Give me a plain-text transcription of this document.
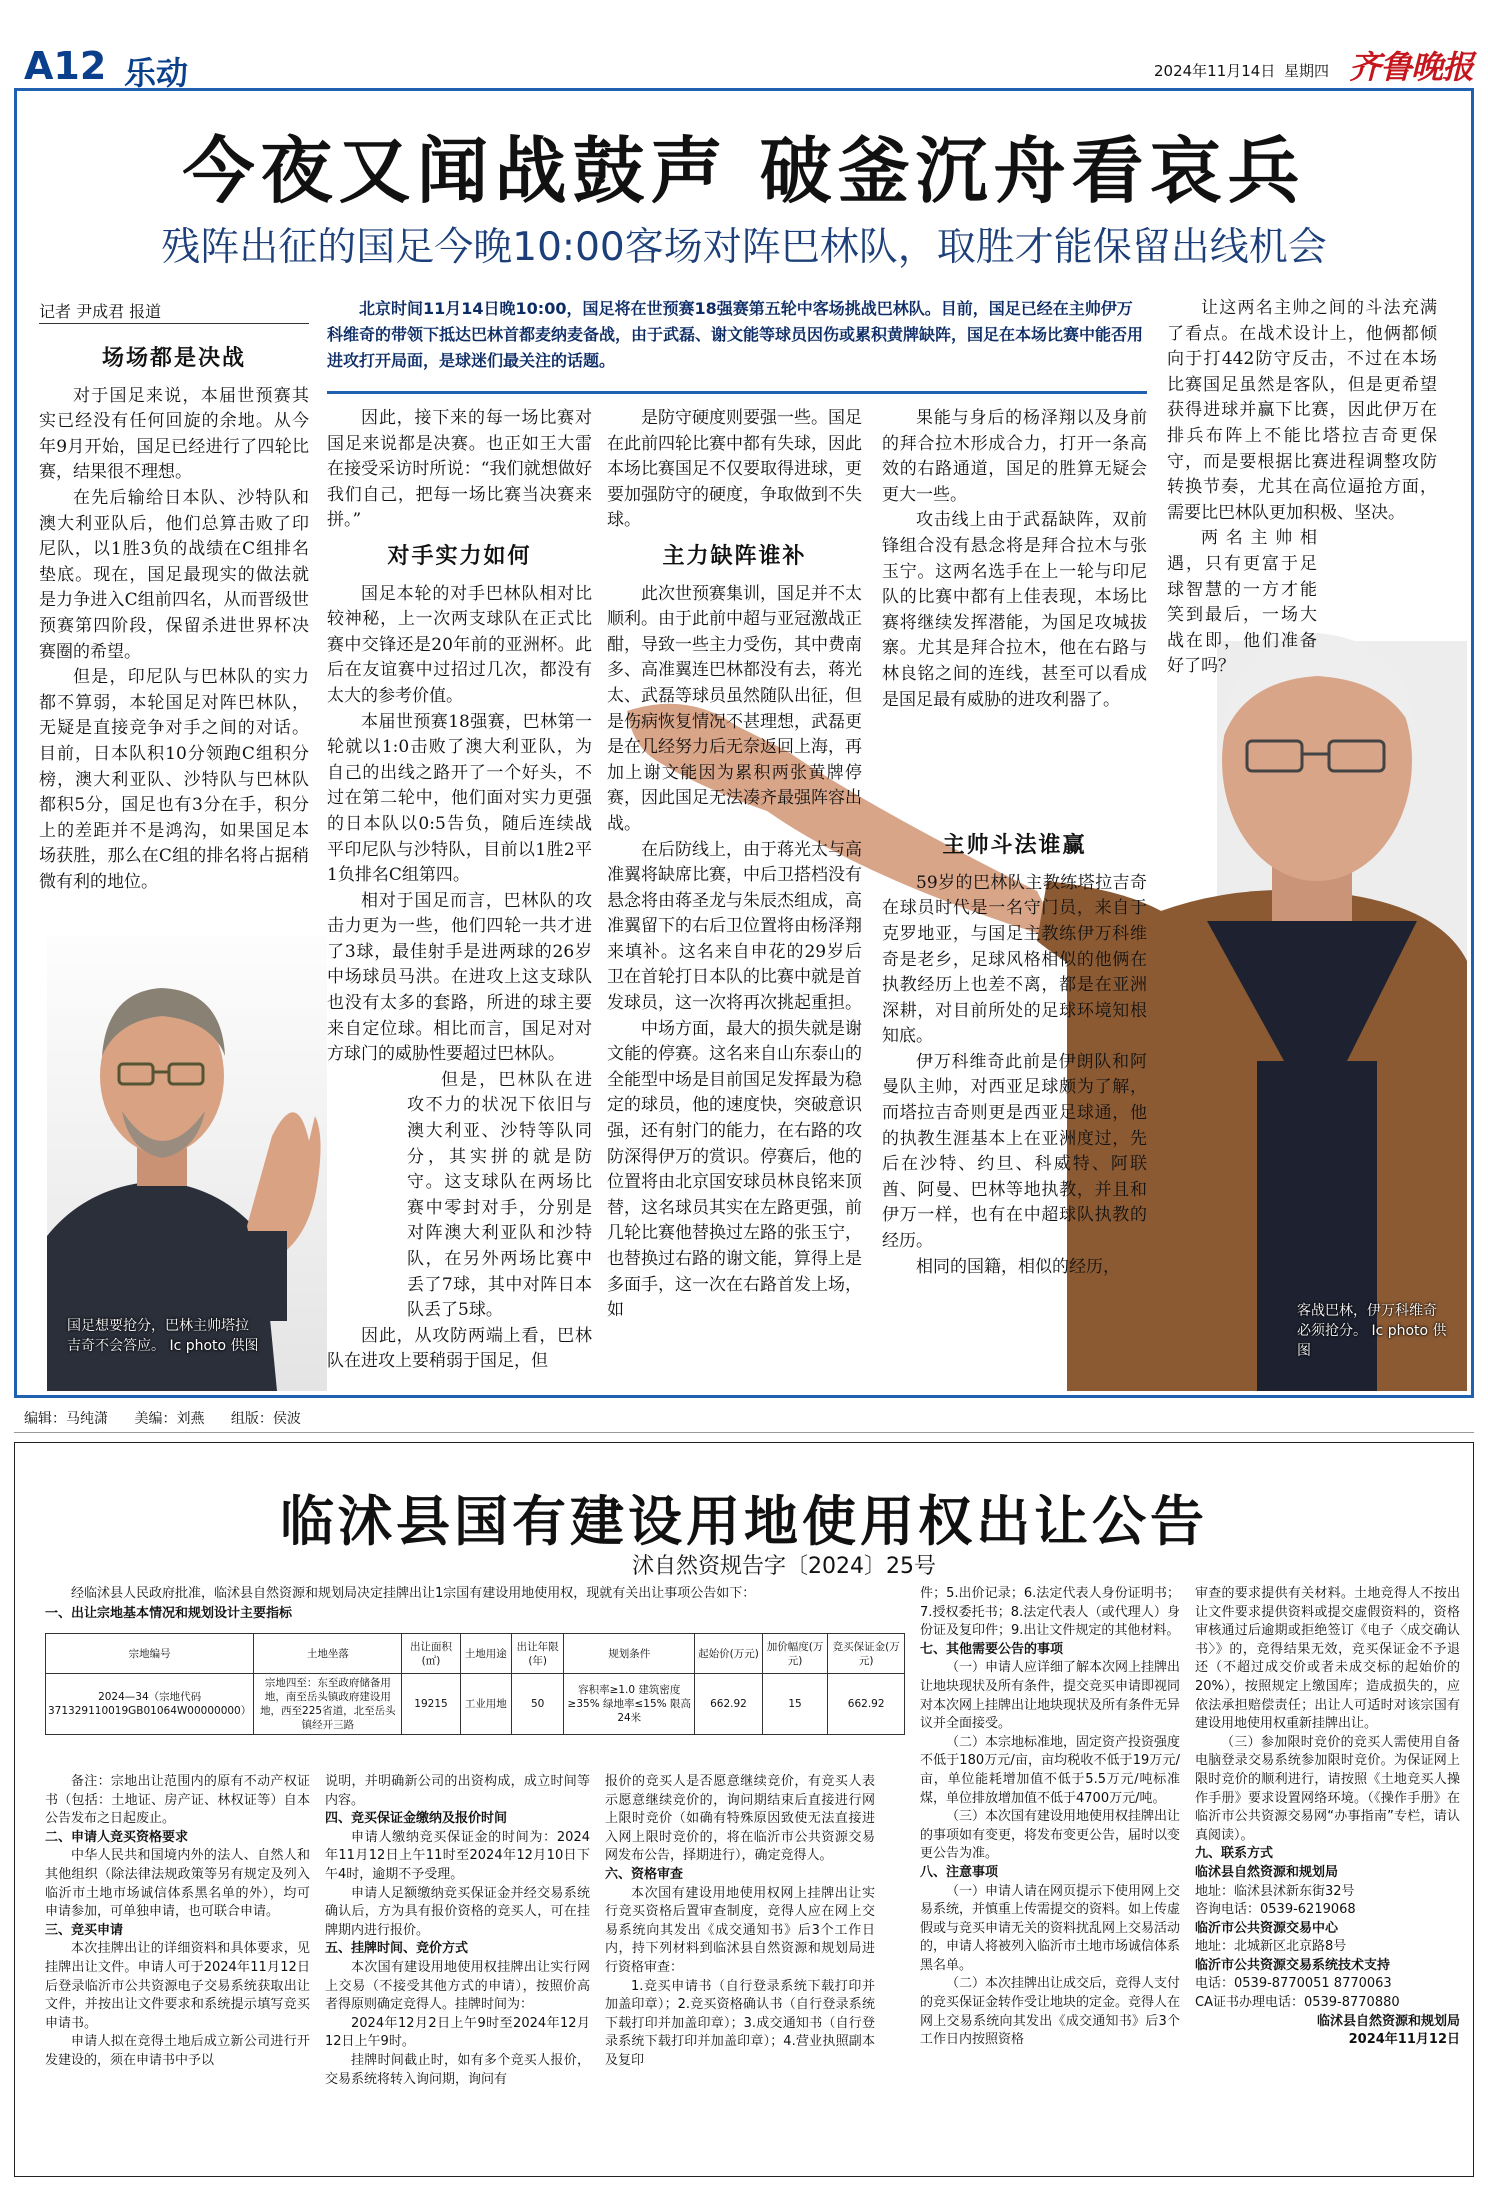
A12 乐动	2024年11月14日 星期四 齐鲁晚报
今夜又闻战鼓声 破釜沉舟看哀兵
残阵出征的国足今晚10:00客场对阵巴林队，取胜才能保留出线机会
记者 尹成君 报道	北京时间11月14日晚10:00，国足将在世预赛18强赛第五轮中客场挑战巴林队。目前，国足已经在主帅伊万科维奇的带领下抵达巴林首都麦纳麦备战，由于武磊、谢文能等球员因伤或累积黄牌缺阵，国足在本场比赛中能否用进攻打开局面，是球迷们最关注的话题。
国足想要抢分，巴林主帅塔拉吉奇不会答应。 Ic photo 供图
客战巴林，伊万科维奇必须抢分。 Ic photo 供图
场场都是决战

对于国足来说，本届世预赛其实已经没有任何回旋的余地。从今年9月开始，国足已经进行了四轮比赛，结果很不理想。

在先后输给日本队、沙特队和澳大利亚队后，他们总算击败了印尼队，以1胜3负的战绩在C组排名垫底。现在，国足最现实的做法就是力争进入C组前四名，从而晋级世预赛第四阶段，保留杀进世界杯决赛圈的希望。

但是，印尼队与巴林队的实力都不算弱，本轮国足对阵巴林队，无疑是直接竞争对手之间的对话。目前，日本队积10分领跑C组积分榜，澳大利亚队、沙特队与巴林队都积5分，国足也有3分在手，积分上的差距并不是鸿沟，如果国足本场获胜，那么在C组的排名将占据稍微有利的地位。

因此，接下来的每一场比赛对国足来说都是决赛。也正如王大雷在接受采访时所说：“我们就想做好我们自己，把每一场比赛当决赛来拼。”

对手实力如何

国足本轮的对手巴林队相对比较神秘，上一次两支球队在正式比赛中交锋还是20年前的亚洲杯。此后在友谊赛中过招过几次，都没有太大的参考价值。

本届世预赛18强赛，巴林第一轮就以1:0击败了澳大利亚队，为自己的出线之路开了一个好头，不过在第二轮中，他们面对实力更强的日本队以0:5告负，随后连续战平印尼队与沙特队，目前以1胜2平1负排名C组第四。

相对于国足而言，巴林队的攻击力更为一些，他们四轮一共才进了3球，最佳射手是进两球的26岁中场球员马洪。在进攻上这支球队也没有太多的套路，所进的球主要来自定位球。相比而言，国足对对方球门的威胁性要超过巴林队。

但是，巴林队在进攻不力的状况下依旧与澳大利亚、沙特等队同分，其实拼的就是防守。这支球队在两场比赛中零封对手，分别是对阵澳大利亚队和沙特队，在另外两场比赛中丢了7球，其中对阵日本队丢了5球。

因此，从攻防两端上看，巴林队在进攻上要稍弱于国足，但

是防守硬度则要强一些。国足在此前四轮比赛中都有失球，因此本场比赛国足不仅要取得进球，更要加强防守的硬度，争取做到不失球。

主力缺阵谁补

此次世预赛集训，国足并不太顺利。由于此前中超与亚冠激战正酣，导致一些主力受伤，其中费南多、高准翼连巴林都没有去，蒋光太、武磊等球员虽然随队出征，但是伤病恢复情况不甚理想，武磊更是在几经努力后无奈返回上海，再加上谢文能因为累积两张黄牌停赛，因此国足无法凑齐最强阵容出战。

在后防线上，由于蒋光太与高准翼将缺席比赛，中后卫搭档没有悬念将由蒋圣龙与朱辰杰组成，高准翼留下的右后卫位置将由杨泽翔来填补。这名来自申花的29岁后卫在首轮打日本队的比赛中就是首发球员，这一次将再次挑起重担。

中场方面，最大的损失就是谢文能的停赛。这名来自山东泰山的全能型中场是目前国足发挥最为稳定的球员，他的速度快，突破意识强，还有射门的能力，在右路的攻防深得伊万的赏识。停赛后，他的位置将由北京国安球员林良铭来顶替，这名球员其实在左路更强，前几轮比赛他替换过左路的张玉宁，也替换过右路的谢文能，算得上是多面手，这一次在右路首发上场，如

果能与身后的杨泽翔以及身前的拜合拉木形成合力，打开一条高效的右路通道，国足的胜算无疑会更大一些。

攻击线上由于武磊缺阵，双前锋组合没有悬念将是拜合拉木与张玉宁。这两名选手在上一轮与印尼队的比赛中都有上佳表现，本场比赛将继续发挥潜能，为国足攻城拔寨。尤其是拜合拉木，他在右路与林良铭之间的连线，甚至可以看成是国足最有威胁的进攻利器了。

主帅斗法谁赢

59岁的巴林队主教练塔拉吉奇在球员时代是一名守门员，来自于克罗地亚，与国足主教练伊万科维奇是老乡，足球风格相似的他俩在执教经历上也差不离，都是在亚洲深耕，对目前所处的足球环境知根知底。

伊万科维奇此前是伊朗队和阿曼队主帅，对西亚足球颇为了解，而塔拉吉奇则更是西亚足球通，他的执教生涯基本上在亚洲度过，先后在沙特、约旦、科威特、阿联酋、阿曼、巴林等地执教，并且和伊万一样，也有在中超球队执教的经历。

相同的国籍，相似的经历，

让这两名主帅之间的斗法充满了看点。在战术设计上，他俩都倾向于打442防守反击，不过在本场比赛国足虽然是客队，但是更希望获得进球并赢下比赛，因此伊万在排兵布阵上不能比塔拉吉奇更保守，而是要根据比赛进程调整攻防转换节奏，尤其在高位逼抢方面，需要比巴林队更加积极、坚决。

两名主帅相遇，只有更富于足球智慧的一方才能笑到最后，一场大战在即，他们准备好了吗？

编辑：马纯潇 美编：刘燕 组版：侯波
临沭县国有建设用地使用权出让公告
沭自然资规告字〔2024〕25号
经临沭县人民政府批准，临沭县自然资源和规划局决定挂牌出让1宗国有建设用地使用权，现就有关出让事项公告如下：
一、出让宗地基本情况和规划设计主要指标
宗地编号	土地坐落	出让面积(㎡)	土地用途	出让年限(年)	规划条件	起始价(万元)	加价幅度(万元)	竞买保证金(万元)
2024—34（宗地代码371329110019GB01064W00000000）	宗地四至：东至政府储备用地，南至岳头镇政府建设用地，西至225省道，北至岳头镇经开三路	19215	工业用地	50	容积率≥1.0 建筑密度≥35% 绿地率≤15% 限高24米	662.92	15	662.92

备注：宗地出让范围内的原有不动产权证书（包括：土地证、房产证、林权证等）自本公告发布之日起废止。

二、申请人竞买资格要求

中华人民共和国境内外的法人、自然人和其他组织（除法律法规政策等另有规定及列入临沂市土地市场诚信体系黑名单的外），均可申请参加，可单独申请，也可联合申请。

三、竞买申请

本次挂牌出让的详细资料和具体要求，见挂牌出让文件。申请人可于2024年11月12日后登录临沂市公共资源电子交易系统获取出让文件，并按出让文件要求和系统提示填写竞买申请书。

申请人拟在竞得土地后成立新公司进行开发建设的，须在申请书中予以

说明，并明确新公司的出资构成，成立时间等内容。

四、竞买保证金缴纳及报价时间

申请人缴纳竞买保证金的时间为：2024年11月12日上午11时至2024年12月10日下午4时，逾期不予受理。

申请人足额缴纳竞买保证金并经交易系统确认后，方为具有报价资格的竞买人，可在挂牌期内进行报价。

五、挂牌时间、竞价方式

本次国有建设用地使用权挂牌出让实行网上交易（不接受其他方式的申请），按照价高者得原则确定竞得人。挂牌时间为：

2024年12月2日上午9时至2024年12月12日上午9时。

挂牌时间截止时，如有多个竞买人报价，交易系统将转入询问期，询问有

报价的竞买人是否愿意继续竞价，有竞买人表示愿意继续竞价的，询问期结束后直接进行网上限时竞价（如确有特殊原因致使无法直接进入网上限时竞价的，将在临沂市公共资源交易网发布公告，择期进行），确定竞得人。

六、资格审查

本次国有建设用地使用权网上挂牌出让实行竞买资格后置审查制度，竞得人应在网上交易系统向其发出《成交通知书》后3个工作日内，持下列材料到临沭县自然资源和规划局进行资格审查：

1.竞买申请书（自行登录系统下载打印并加盖印章）；2.竞买资格确认书（自行登录系统下载打印并加盖印章）；3.成交通知书（自行登录系统下载打印并加盖印章）；4.营业执照副本及复印

件；5.出价记录；6.法定代表人身份证明书；7.授权委托书；8.法定代表人（或代理人）身份证及复印件；9.出让文件规定的其他材料。

七、其他需要公告的事项

（一）申请人应详细了解本次网上挂牌出让地块现状及所有条件，提交竞买申请即视同对本次网上挂牌出让地块现状及所有条件无异议并全面接受。

（二）本宗地标准地，固定资产投资强度不低于180万元/亩，亩均税收不低于19万元/亩，单位能耗增加值不低于5.5万元/吨标准煤，单位排放增加值不低于4700万元/吨。

（三）本次国有建设用地使用权挂牌出让的事项如有变更，将发布变更公告，届时以变更公告为准。

八、注意事项

（一）申请人请在网页提示下使用网上交易系统，并慎重上传需提交的资料。如上传虚假或与竞买申请无关的资料扰乱网上交易活动的，申请人将被列入临沂市土地市场诚信体系黑名单。

（二）本次挂牌出让成交后，竞得人支付的竞买保证金转作受让地块的定金。竞得人在网上交易系统向其发出《成交通知书》后3个工作日内按照资格

审查的要求提供有关材料。土地竞得人不按出让文件要求提供资料或提交虚假资料的，资格审核通过后逾期或拒绝签订《电子〈成交确认书〉》的，竞得结果无效，竞买保证金不予退还（不超过成交价或者未成交标的起始价的20%），按照规定上缴国库；造成损失的，应依法承担赔偿责任；出让人可适时对该宗国有建设用地使用权重新挂牌出让。

（三）参加限时竞价的竞买人需使用自备电脑登录交易系统参加限时竞价。为保证网上限时竞价的顺利进行，请按照《土地竞买人操作手册》要求设置网络环境。（《操作手册》在临沂市公共资源交易网“办事指南”专栏，请认真阅读）。

九、联系方式

临沭县自然资源和规划局

地址：临沭县沭新东街32号

咨询电话：0539-6219068

临沂市公共资源交易中心

地址：北城新区北京路8号

临沂市公共资源交易系统技术支持

电话：0539-8770051 8770063

CA证书办理电话：0539-8770880

临沭县自然资源和规划局

2024年11月12日
